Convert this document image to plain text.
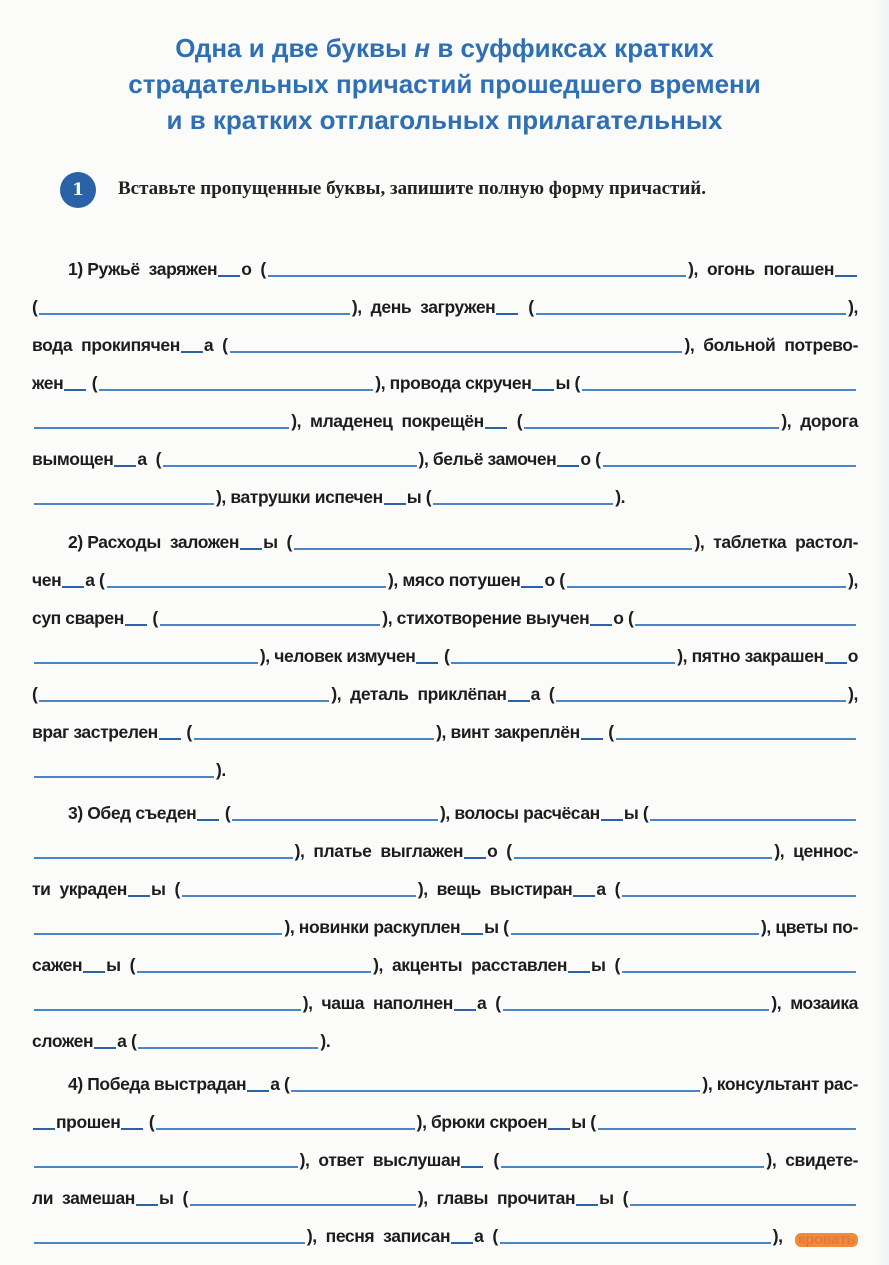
Одна и две буквы н в суффиксах кратких
страдательных причастий прошедшего времени
и в кратких отглагольных прилагательных
1	Вставьте пропущенные буквы, запишите полную форму причастий.
1) Ружьё  заряжен о  (	),  огонь  погашен
(	),  день  загружен (	),
вода  прокипячен а  (	),  больной  потрево-
жен (	), провода скручен ы (
),  младенец  покрещён (	),  дорога
вымощен а  (	), бельё замочен о (
), ватрушки испечен ы (	).
2) Расходы  заложен ы  (	),  таблетка  растол-
чен а (	), мясо потушен о (	),
суп сварен (	), стихотворение выучен о (
), человек измучен (	), пятно закрашен о
(	),  деталь  приклёпан а  (	),
враг застрелен (	), винт закреплён (
).
3) Обед съеден (	), волосы расчёсан ы (
),  платье  выглажен о  (	),  ценнос-
ти  украден ы  (	),  вещь  выстиран а  (
), новинки раскуплен ы (	), цветы по-
сажен ы  (	),  акценты  расставлен ы  (
),  чаша  наполнен а  (	),  мозаика
сложен а (	).
4) Победа выстрадан а (	), консультант рас-
прошен (	), брюки скроен ы (
),  ответ  выслушан (	),  свидете-
ли  замешан ы  (	),  главы  прочитан ы  (
),  песня  записан а  (	), кровать
